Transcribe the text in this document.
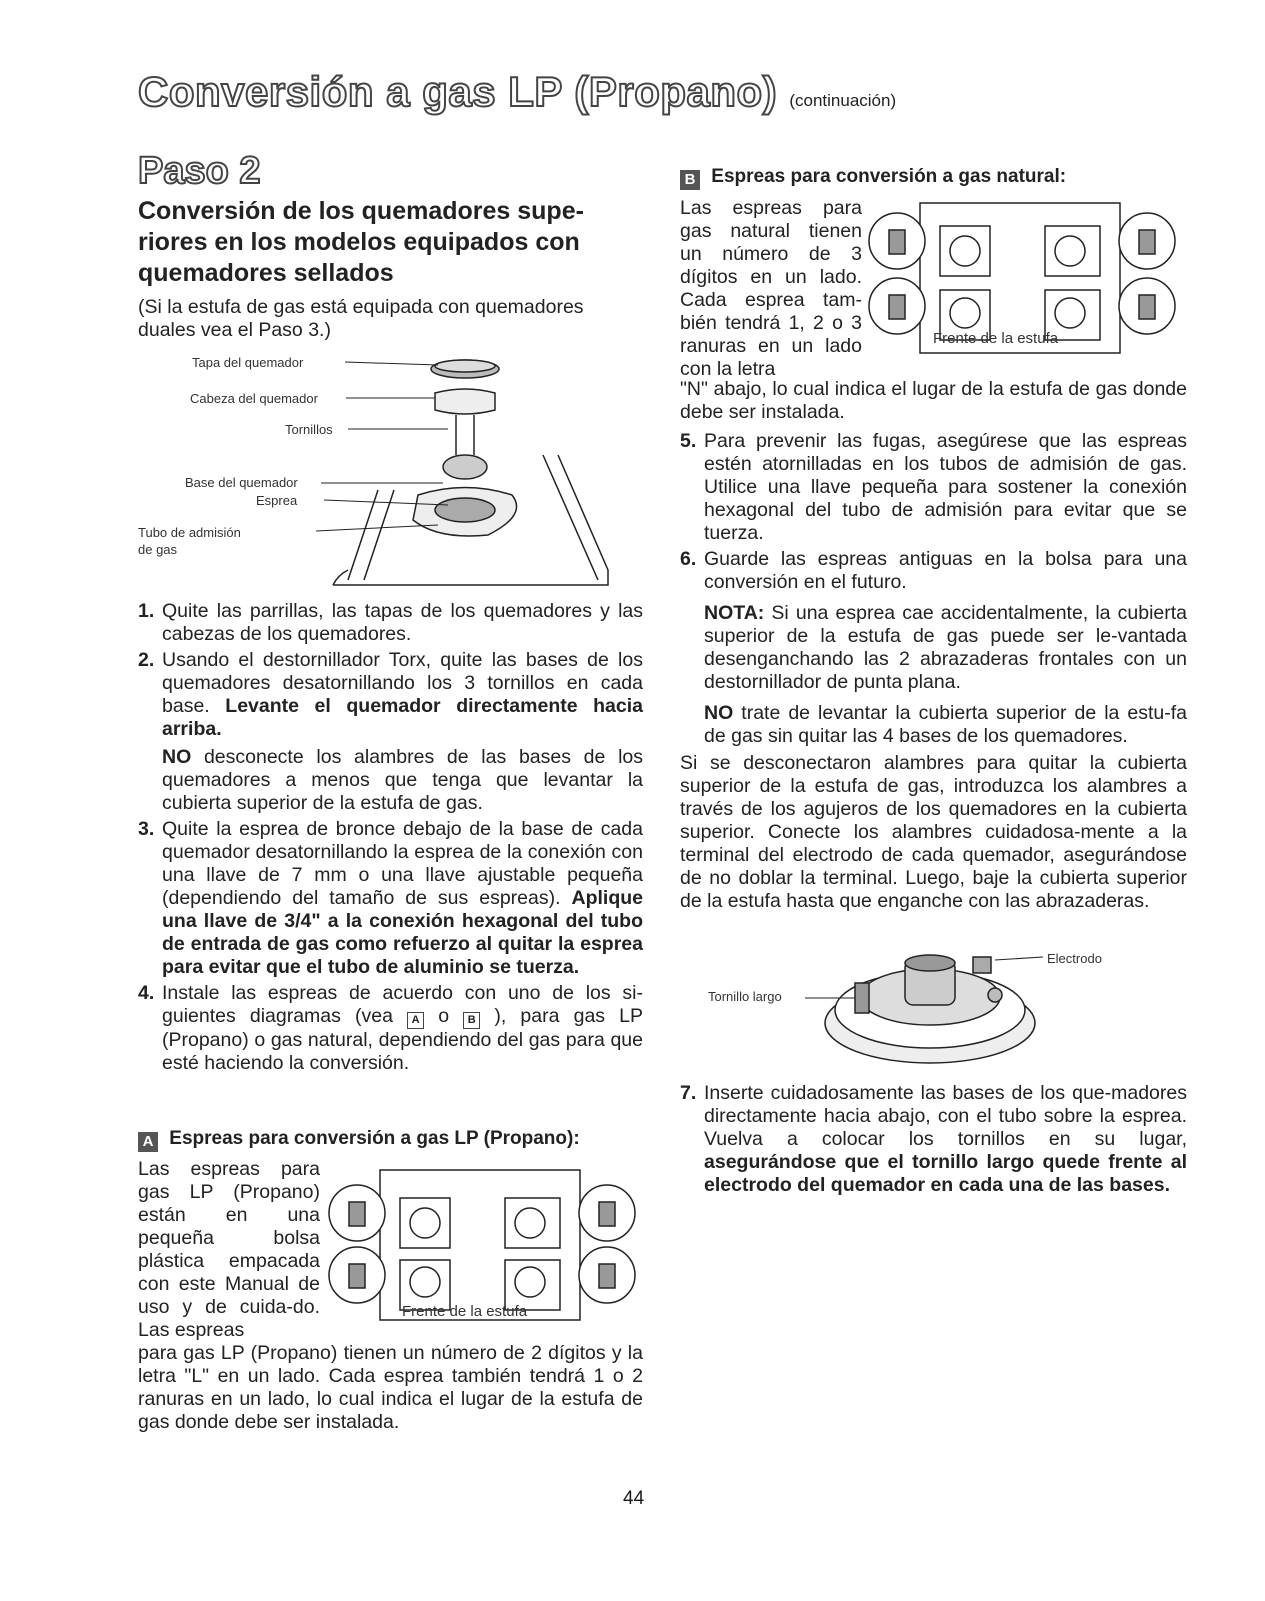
Conversión a gas LP (Propano) (continuación)
Paso 2
Conversión de los quemadores supe-riores en los modelos equipados con quemadores sellados
(Si la estufa de gas está equipada con quemadores duales vea el Paso 3.)
Tapa del quemador
Cabeza del quemador
Tornillos
Base del quemador
Esprea
Tubo de admisión
de gas
1. Quite las parrillas, las tapas de los quemadores y las cabezas de los quemadores.
2. Usando el destornillador Torx, quite las bases de los quemadores desatornillando los 3 tornillos en cada base. Levante el quemador directamente hacia arriba.

NO desconecte los alambres de las bases de los quemadores a menos que tenga que levantar la cubierta superior de la estufa de gas.

3. Quite la esprea de bronce debajo de la base de cada quemador desatornillando la esprea de la conexión con una llave de 7 mm o una llave ajustable pequeña (dependiendo del tamaño de sus espreas). Aplique una llave de 3/4" a la conexión hexagonal del tubo de entrada de gas como refuerzo al quitar la esprea para evitar que el tubo de aluminio se tuerza.
4. Instale las espreas de acuerdo con uno de los si-guientes diagramas (vea A o B ), para gas LP (Propano) o gas natural, dependiendo del gas para que esté haciendo la conversión.
A Espreas para conversión a gas LP (Propano):
Las espreas para gas LP (Propano) están en una pequeña bolsa plástica empacada con este Manual de uso y de cuida-do. Las espreas
Frente de la estufa
para gas LP (Propano) tienen un número de 2 dígitos y la letra "L" en un lado. Cada esprea también tendrá 1 o 2 ranuras en un lado, lo cual indica el lugar de la estufa de gas donde debe ser instalada.
B Espreas para conversión a gas natural:
Las espreas para gas natural tienen un número de 3 dígitos en un lado. Cada esprea tam-bién tendrá 1, 2 o 3 ranuras en un lado con la letra
Frente de la estufa
"N" abajo, lo cual indica el lugar de la estufa de gas donde debe ser instalada.
5. Para prevenir las fugas, asegúrese que las espreas estén atornilladas en los tubos de admisión de gas. Utilice una llave pequeña para sostener la conexión hexagonal del tubo de admisión para evitar que se tuerza.
6. Guarde las espreas antiguas en la bolsa para una conversión en el futuro.

NOTA: Si una esprea cae accidentalmente, la cubierta superior de la estufa de gas puede ser le-vantada desenganchando las 2 abrazaderas frontales con un destornillador de punta plana.

NO trate de levantar la cubierta superior de la estu-fa de gas sin quitar las 4 bases de los quemadores.

Si se desconectaron alambres para quitar la cubierta superior de la estufa de gas, introduzca los alambres a través de los agujeros de los quemadores en la cubierta superior. Conecte los alambres cuidadosa-mente a la terminal del electrodo de cada quemador, asegurándose de no doblar la terminal. Luego, baje la cubierta superior de la estufa hasta que enganche con las abrazaderas.

Electrodo
Tornillo largo
7. Inserte cuidadosamente las bases de los que-madores directamente hacia abajo, con el tubo sobre la esprea. Vuelva a colocar los tornillos en su lugar, asegurándose que el tornillo largo quede frente al electrodo del quemador en cada una de las bases.
44
